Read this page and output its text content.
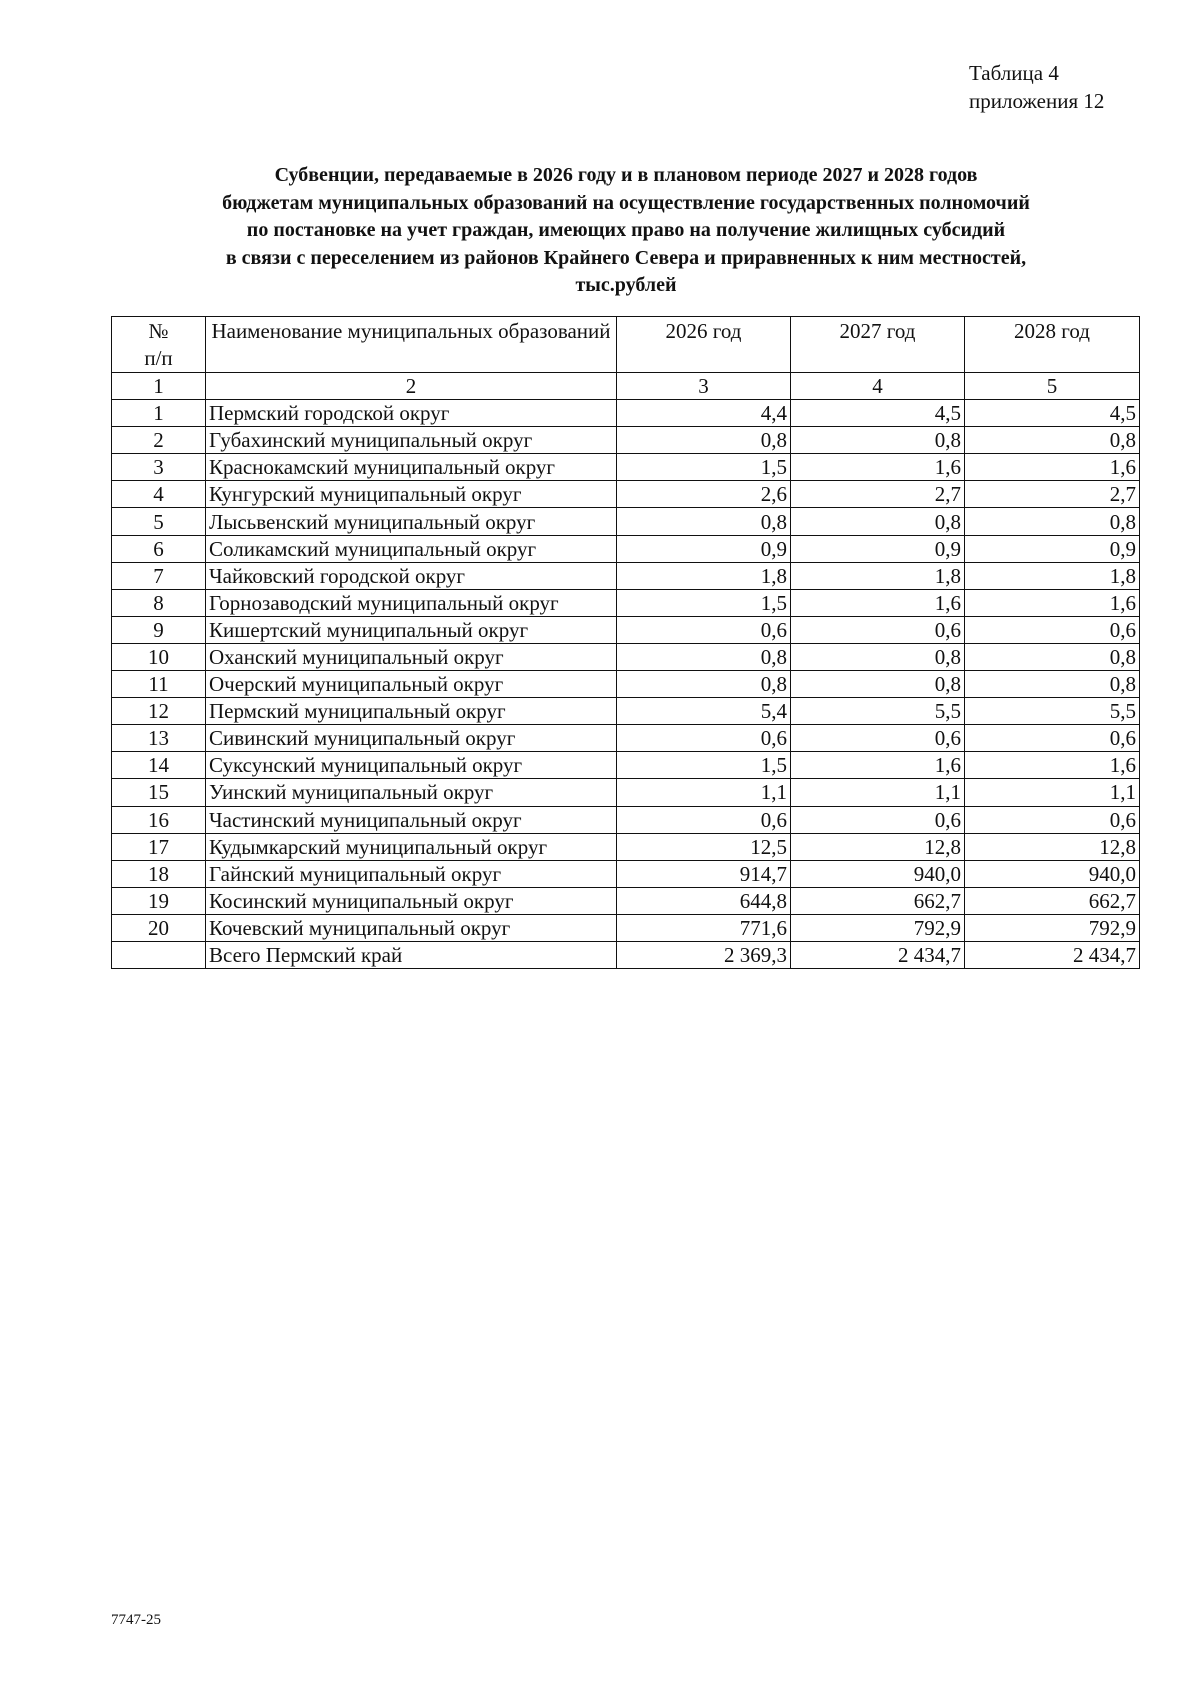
Таблица 4
приложения 12
Субвенции, передаваемые в 2026 году и в плановом периоде 2027 и 2028 годов
бюджетам муниципальных образований на осуществление государственных полномочий
по постановке на учет граждан, имеющих право на получение жилищных субсидий
в связи с переселением из районов Крайнего Севера и приравненных к ним местностей,
тыс.рублей
№
п/п	Наименование муниципальных образований	2026 год	2027 год	2028 год
1	2	3	4	5
1	Пермский городской округ	4,4	4,5	4,5
2	Губахинский муниципальный округ	0,8	0,8	0,8
3	Краснокамский муниципальный округ	1,5	1,6	1,6
4	Кунгурский муниципальный округ	2,6	2,7	2,7
5	Лысьвенский муниципальный округ	0,8	0,8	0,8
6	Соликамский муниципальный округ	0,9	0,9	0,9
7	Чайковский городской округ	1,8	1,8	1,8
8	Горнозаводский муниципальный округ	1,5	1,6	1,6
9	Кишертский муниципальный округ	0,6	0,6	0,6
10	Оханский муниципальный округ	0,8	0,8	0,8
11	Очерский муниципальный округ	0,8	0,8	0,8
12	Пермский муниципальный округ	5,4	5,5	5,5
13	Сивинский муниципальный округ	0,6	0,6	0,6
14	Суксунский муниципальный округ	1,5	1,6	1,6
15	Уинский муниципальный округ	1,1	1,1	1,1
16	Частинский муниципальный округ	0,6	0,6	0,6
17	Кудымкарский муниципальный округ	12,5	12,8	12,8
18	Гайнский муниципальный округ	914,7	940,0	940,0
19	Косинский муниципальный округ	644,8	662,7	662,7
20	Кочевский муниципальный округ	771,6	792,9	792,9
	Всего Пермский край	2 369,3	2 434,7	2 434,7
7747-25
